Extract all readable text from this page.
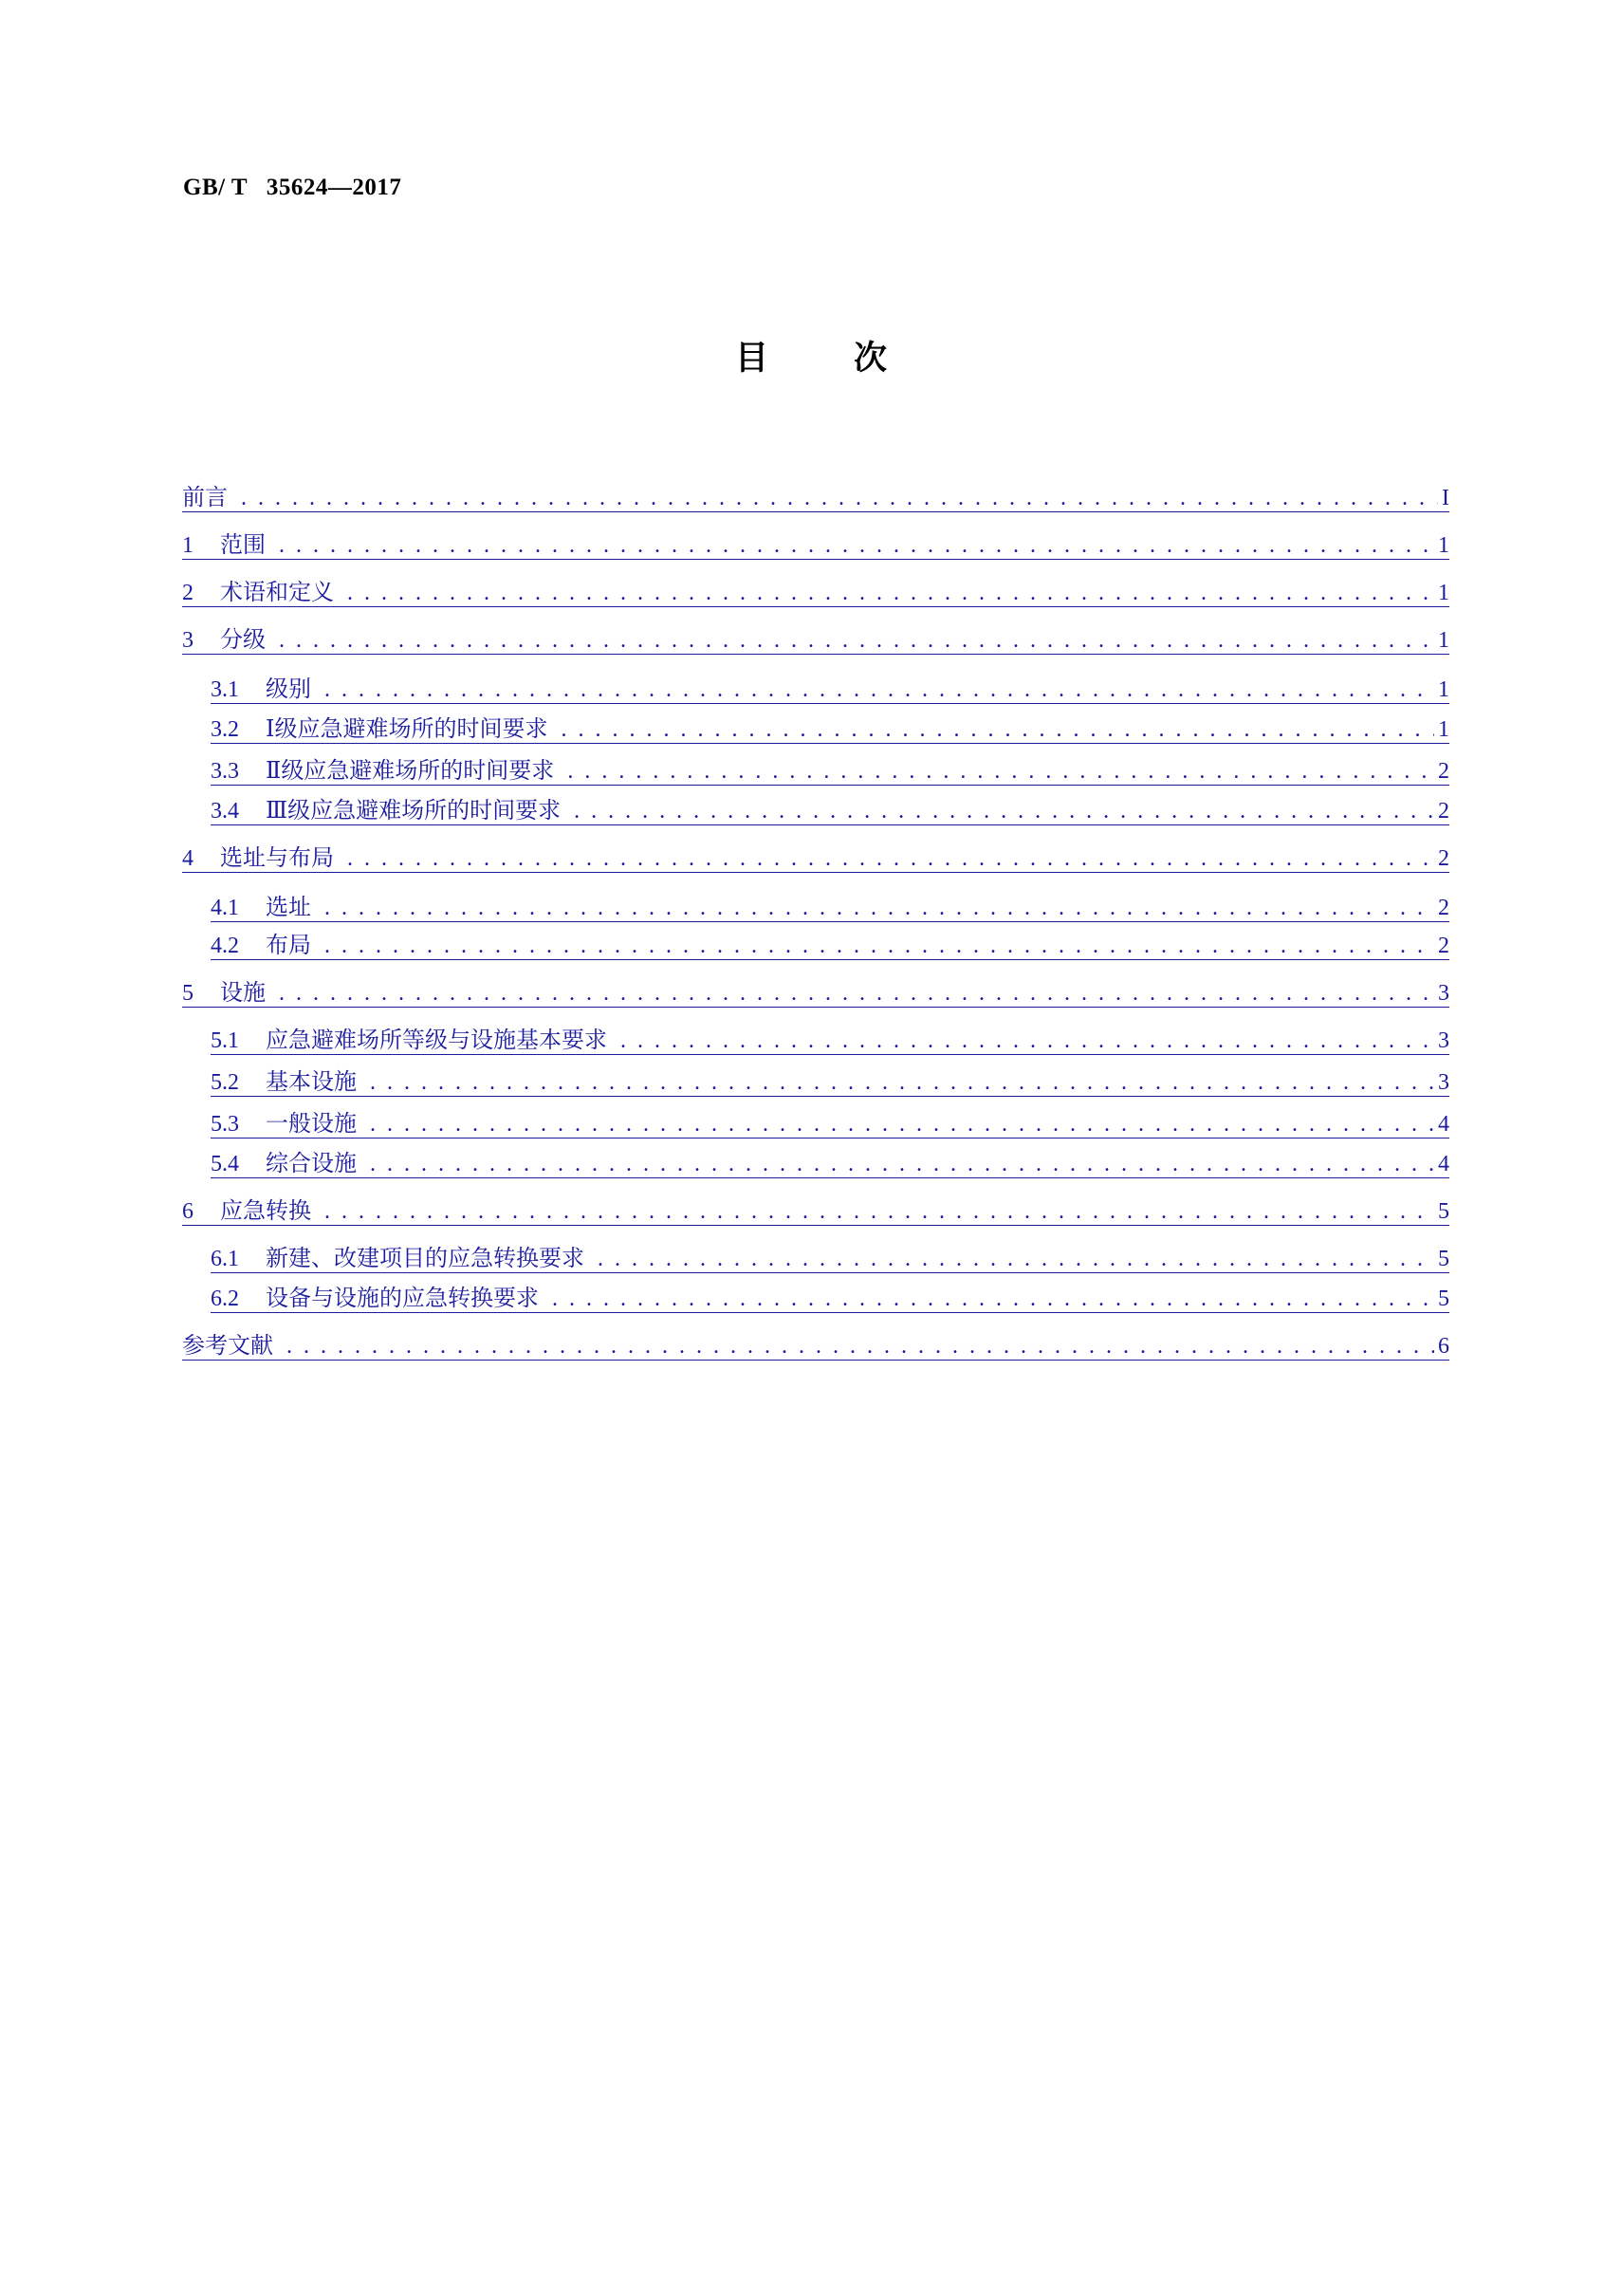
GB/ T   35624—2017
目	次
前言 . . .	I
1	范围 . . .	1
2	术语和定义 . . .	1
3	分级 . . .	1
3.1	级别 . . .	1
3.2	Ⅰ级应急避难场所的时间要求 . . .	1
3.3	Ⅱ级应急避难场所的时间要求 . . .	2
3.4	Ⅲ级应急避难场所的时间要求 . . .	2
4	选址与布局 . . .	2
4.1	选址 . . .	2
4.2	布局 . . .	2
5	设施 . . .	3
5.1	应急避难场所等级与设施基本要求 . . .	3
5.2	基本设施 . . .	3
5.3	一般设施 . . .	4
5.4	综合设施 . . .	4
6	应急转换 . . .	5
6.1	新建、改建项目的应急转换要求 . . .	5
6.2	设备与设施的应急转换要求 . . .	5
参考文献 . . .	6
